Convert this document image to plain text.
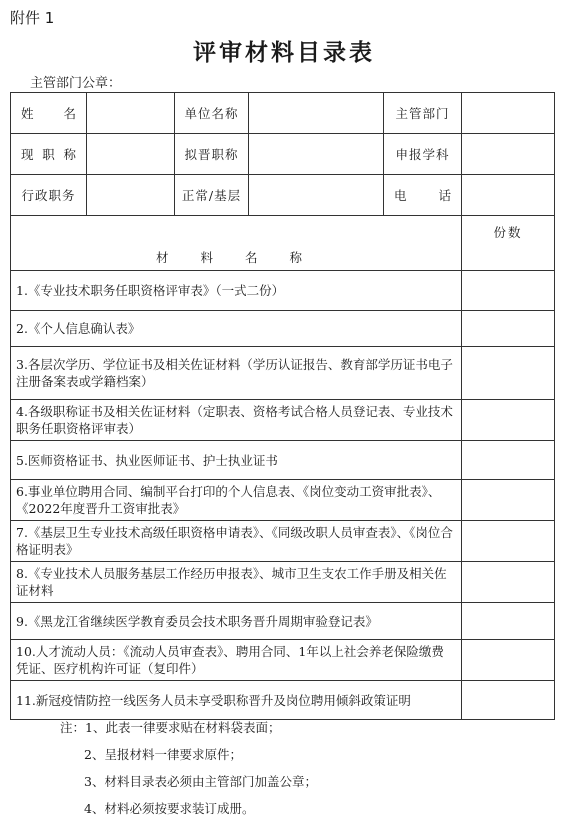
附件 1
评审材料目录表
主管部门公章：
姓 名		单位名称		主管部门	
现职称		拟晋职称		申报学科	
行政职务		正常/基层		电 话	
材 料 名 称					份数
1.《专业技术职务任职资格评审表》（一式二份）					
2.《个人信息确认表》					
3.各层次学历、学位证书及相关佐证材料（学历认证报告、教育部学历证书电子注册备案表或学籍档案）					
4.各级职称证书及相关佐证材料（定职表、资格考试合格人员登记表、专业技术职务任职资格评审表）					
5.医师资格证书、执业医师证书、护士执业证书					
6.事业单位聘用合同、编制平台打印的个人信息表、《岗位变动工资审批表》、《2022年度晋升工资审批表》					
7.《基层卫生专业技术高级任职资格申请表》、《同级改职人员审查表》、《岗位合格证明表》					
8.《专业技术人员服务基层工作经历申报表》、城市卫生支农工作手册及相关佐证材料					
9.《黑龙江省继续医学教育委员会技术职务晋升周期审验登记表》					
10.人才流动人员：《流动人员审查表》、聘用合同、1年以上社会养老保险缴费凭证、医疗机构许可证（复印件）					
11.新冠疫情防控一线医务人员未享受职称晋升及岗位聘用倾斜政策证明					
注：1、此表一律要求贴在材料袋表面；
2、呈报材料一律要求原件；
3、材料目录表必须由主管部门加盖公章；
4、材料必须按要求装订成册。
